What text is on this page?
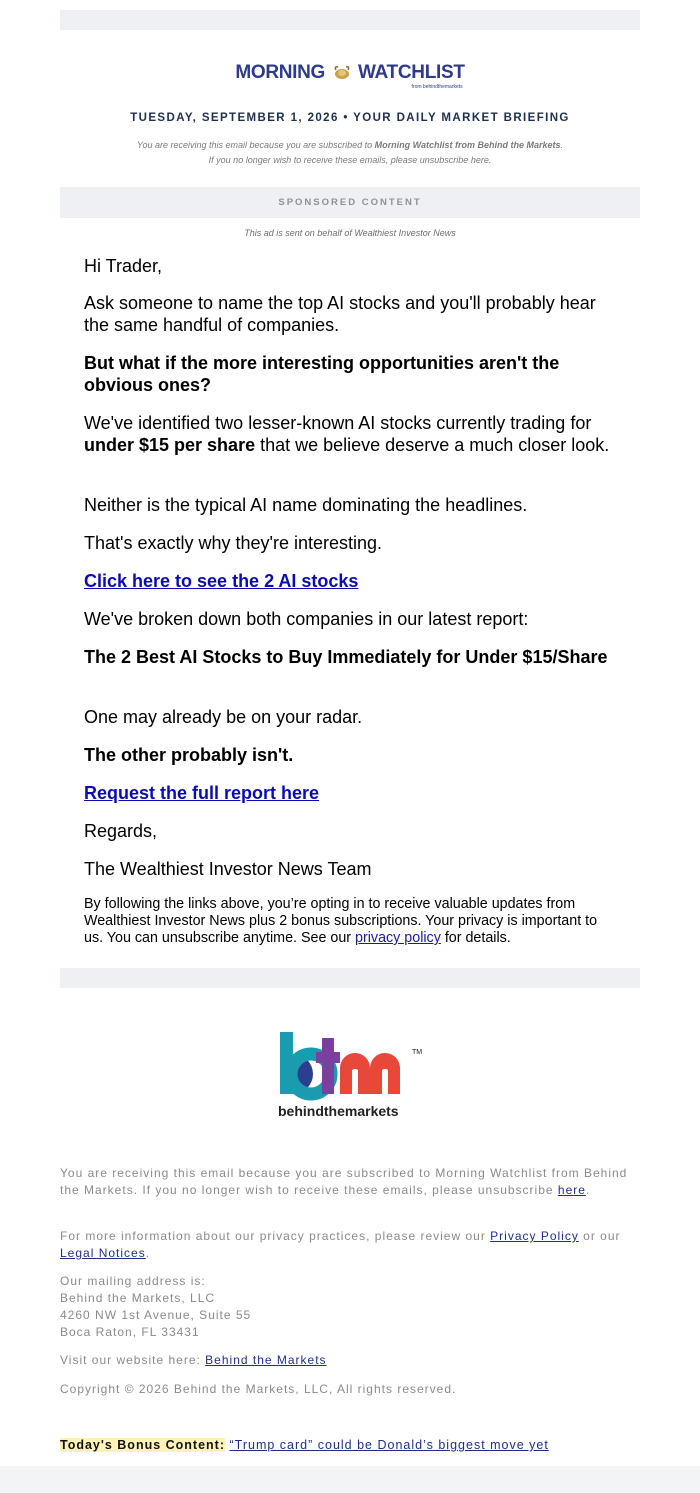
MORNING WATCHLIST
from behindthemarkets
TUESDAY, SEPTEMBER 1, 2026 • YOUR DAILY MARKET BRIEFING
You are receiving this email because you are subscribed to Morning Watchlist from Behind the Markets.
If you no longer wish to receive these emails, please unsubscribe here.
SPONSORED CONTENT
This ad is sent on behalf of Wealthiest Investor News

Hi Trader,

Ask someone to name the top AI stocks and you'll probably hear the same handful of companies.

But what if the more interesting opportunities aren't the obvious ones?

We've identified two lesser-known AI stocks currently trading for under $15 per share that we believe deserve a much closer look.

Neither is the typical AI name dominating the headlines.

That's exactly why they're interesting.

Click here to see the 2 AI stocks

We've broken down both companies in our latest report:

The 2 Best AI Stocks to Buy Immediately for Under $15/Share

One may already be on your radar.

The other probably isn't.

Request the full report here

Regards,

The Wealthiest Investor News Team

By following the links above, you’re opting in to receive valuable updates from Wealthiest Investor News plus 2 bonus subscriptions. Your privacy is important to us. You can unsubscribe anytime. See our privacy policy for details.

TM
behindthemarkets
You are receiving this email because you are subscribed to Morning Watchlist from Behind the Markets. If you no longer wish to receive these emails, please unsubscribe here.
For more information about our privacy practices, please review our Privacy Policy or our Legal Notices.
Our mailing address is:
Behind the Markets, LLC
4260 NW 1st Avenue, Suite 55
Boca Raton, FL 33431
Visit our website here: Behind the Markets
Copyright © 2026 Behind the Markets, LLC, All rights reserved.
Today's Bonus Content: “Trump card” could be Donald’s biggest move yet
